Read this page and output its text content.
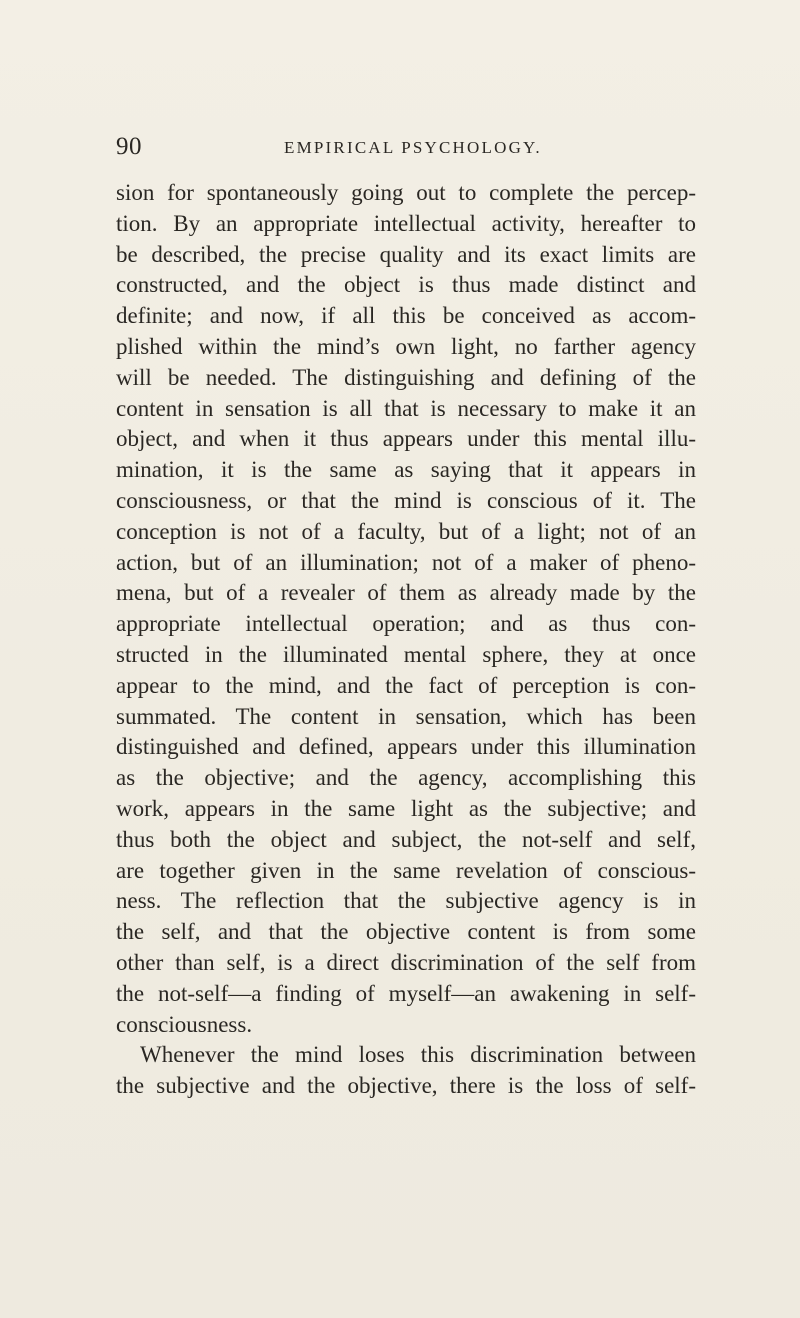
90	EMPIRICAL PSYCHOLOGY.
sion for spontaneously going out to complete the percep-
tion. By an appropriate intellectual activity, hereafter to
be described, the precise quality and its exact limits are
constructed, and the object is thus made distinct and
definite; and now, if all this be conceived as accom-
plished within the mind’s own light, no farther agency
will be needed. The distinguishing and defining of the
content in sensation is all that is necessary to make it an
object, and when it thus appears under this mental illu-
mination, it is the same as saying that it appears in
consciousness, or that the mind is conscious of it. The
conception is not of a faculty, but of a light; not of an
action, but of an illumination; not of a maker of pheno-
mena, but of a revealer of them as already made by the
appropriate intellectual operation; and as thus con-
structed in the illuminated mental sphere, they at once
appear to the mind, and the fact of perception is con-
summated. The content in sensation, which has been
distinguished and defined, appears under this illumination
as the objective; and the agency, accomplishing this
work, appears in the same light as the subjective; and
thus both the object and subject, the not-self and self,
are together given in the same revelation of conscious-
ness. The reflection that the subjective agency is in
the self, and that the objective content is from some
other than self, is a direct discrimination of the self from
the not-self—a finding of myself—an awakening in self-
consciousness.
Whenever the mind loses this discrimination between
the subjective and the objective, there is the loss of self-
